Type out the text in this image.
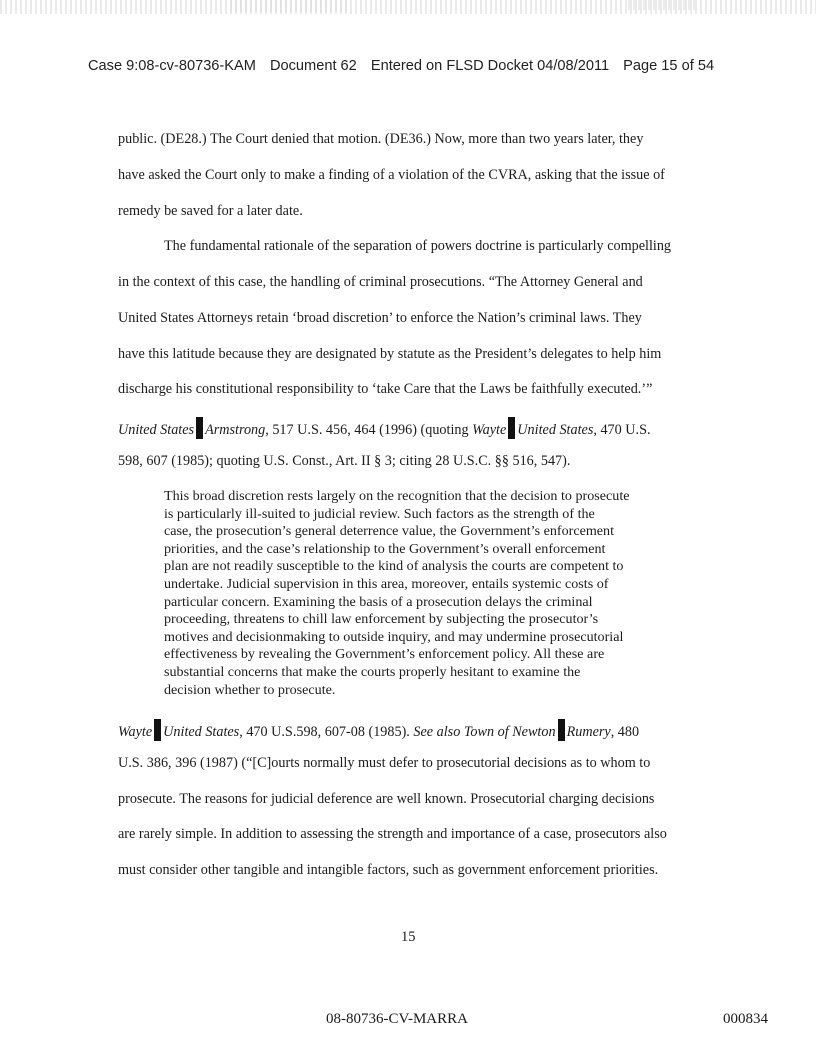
Case 9:08-cv-80736-KAM Document 62 Entered on FLSD Docket 04/08/2011 Page 15 of 54
public. (DE28.) The Court denied that motion. (DE36.) Now, more than two years later, they
have asked the Court only to make a finding of a violation of the CVRA, asking that the issue of
remedy be saved for a later date.
The fundamental rationale of the separation of powers doctrine is particularly compelling
in the context of this case, the handling of criminal prosecutions. “The Attorney General and
United States Attorneys retain ‘broad discretion’ to enforce the Nation’s criminal laws. They
have this latitude because they are designated by statute as the President’s delegates to help him
discharge his constitutional responsibility to ‘take Care that the Laws be faithfully executed.’”
United States Armstrong, 517 U.S. 456, 464 (1996) (quoting Wayte United States, 470 U.S.
598, 607 (1985); quoting U.S. Const., Art. II § 3; citing 28 U.S.C. §§ 516, 547).
This broad discretion rests largely on the recognition that the decision to prosecute
is particularly ill-suited to judicial review. Such factors as the strength of the
case, the prosecution’s general deterrence value, the Government’s enforcement
priorities, and the case’s relationship to the Government’s overall enforcement
plan are not readily susceptible to the kind of analysis the courts are competent to
undertake. Judicial supervision in this area, moreover, entails systemic costs of
particular concern. Examining the basis of a prosecution delays the criminal
proceeding, threatens to chill law enforcement by subjecting the prosecutor’s
motives and decisionmaking to outside inquiry, and may undermine prosecutorial
effectiveness by revealing the Government’s enforcement policy. All these are
substantial concerns that make the courts properly hesitant to examine the
decision whether to prosecute.
Wayte United States, 470 U.S.598, 607-08 (1985). See also Town of Newton Rumery, 480
U.S. 386, 396 (1987) (“[C]ourts normally must defer to prosecutorial decisions as to whom to
prosecute. The reasons for judicial deference are well known. Prosecutorial charging decisions
are rarely simple. In addition to assessing the strength and importance of a case, prosecutors also
must consider other tangible and intangible factors, such as government enforcement priorities.
15
08-80736-CV-MARRA	000834
